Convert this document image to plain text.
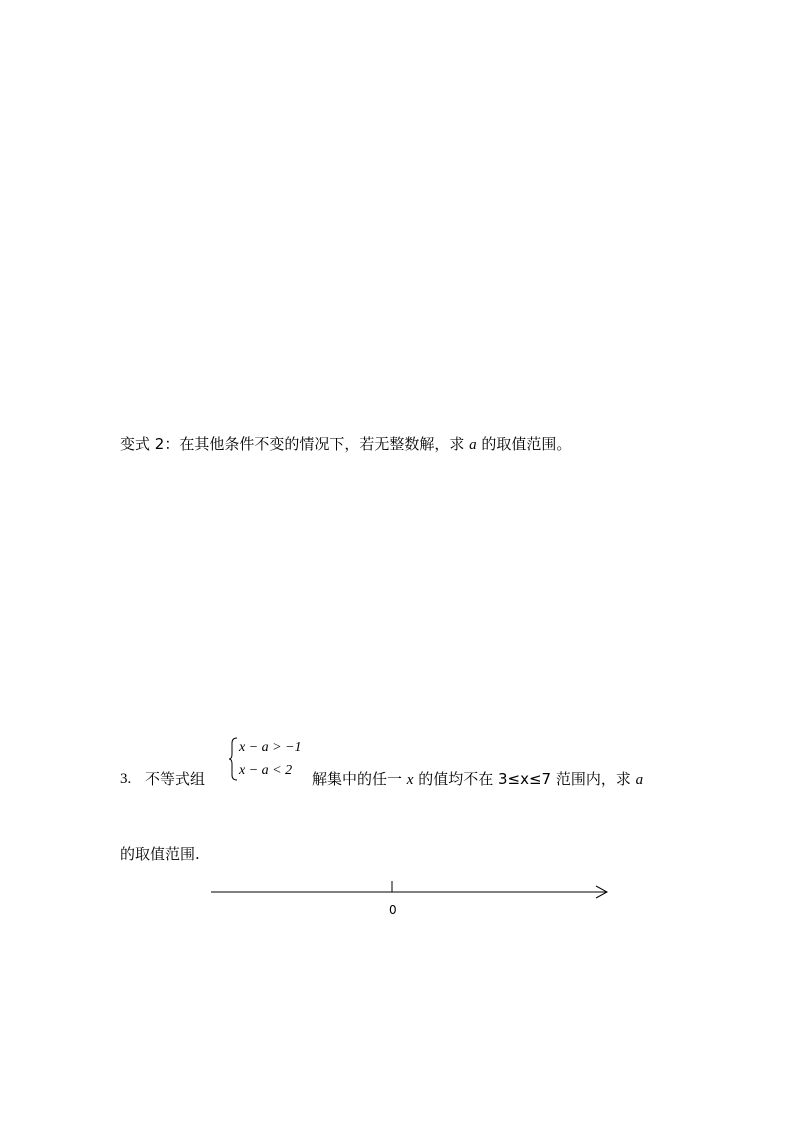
变式 2：在其他条件不变的情况下，若无整数解，求 a 的取值范围。
3. 不等式组
x − a > −1
x − a < 2 解集中的任一 x 的值均不在 3≤x≤7 范围内，求 a
的取值范围.
0
